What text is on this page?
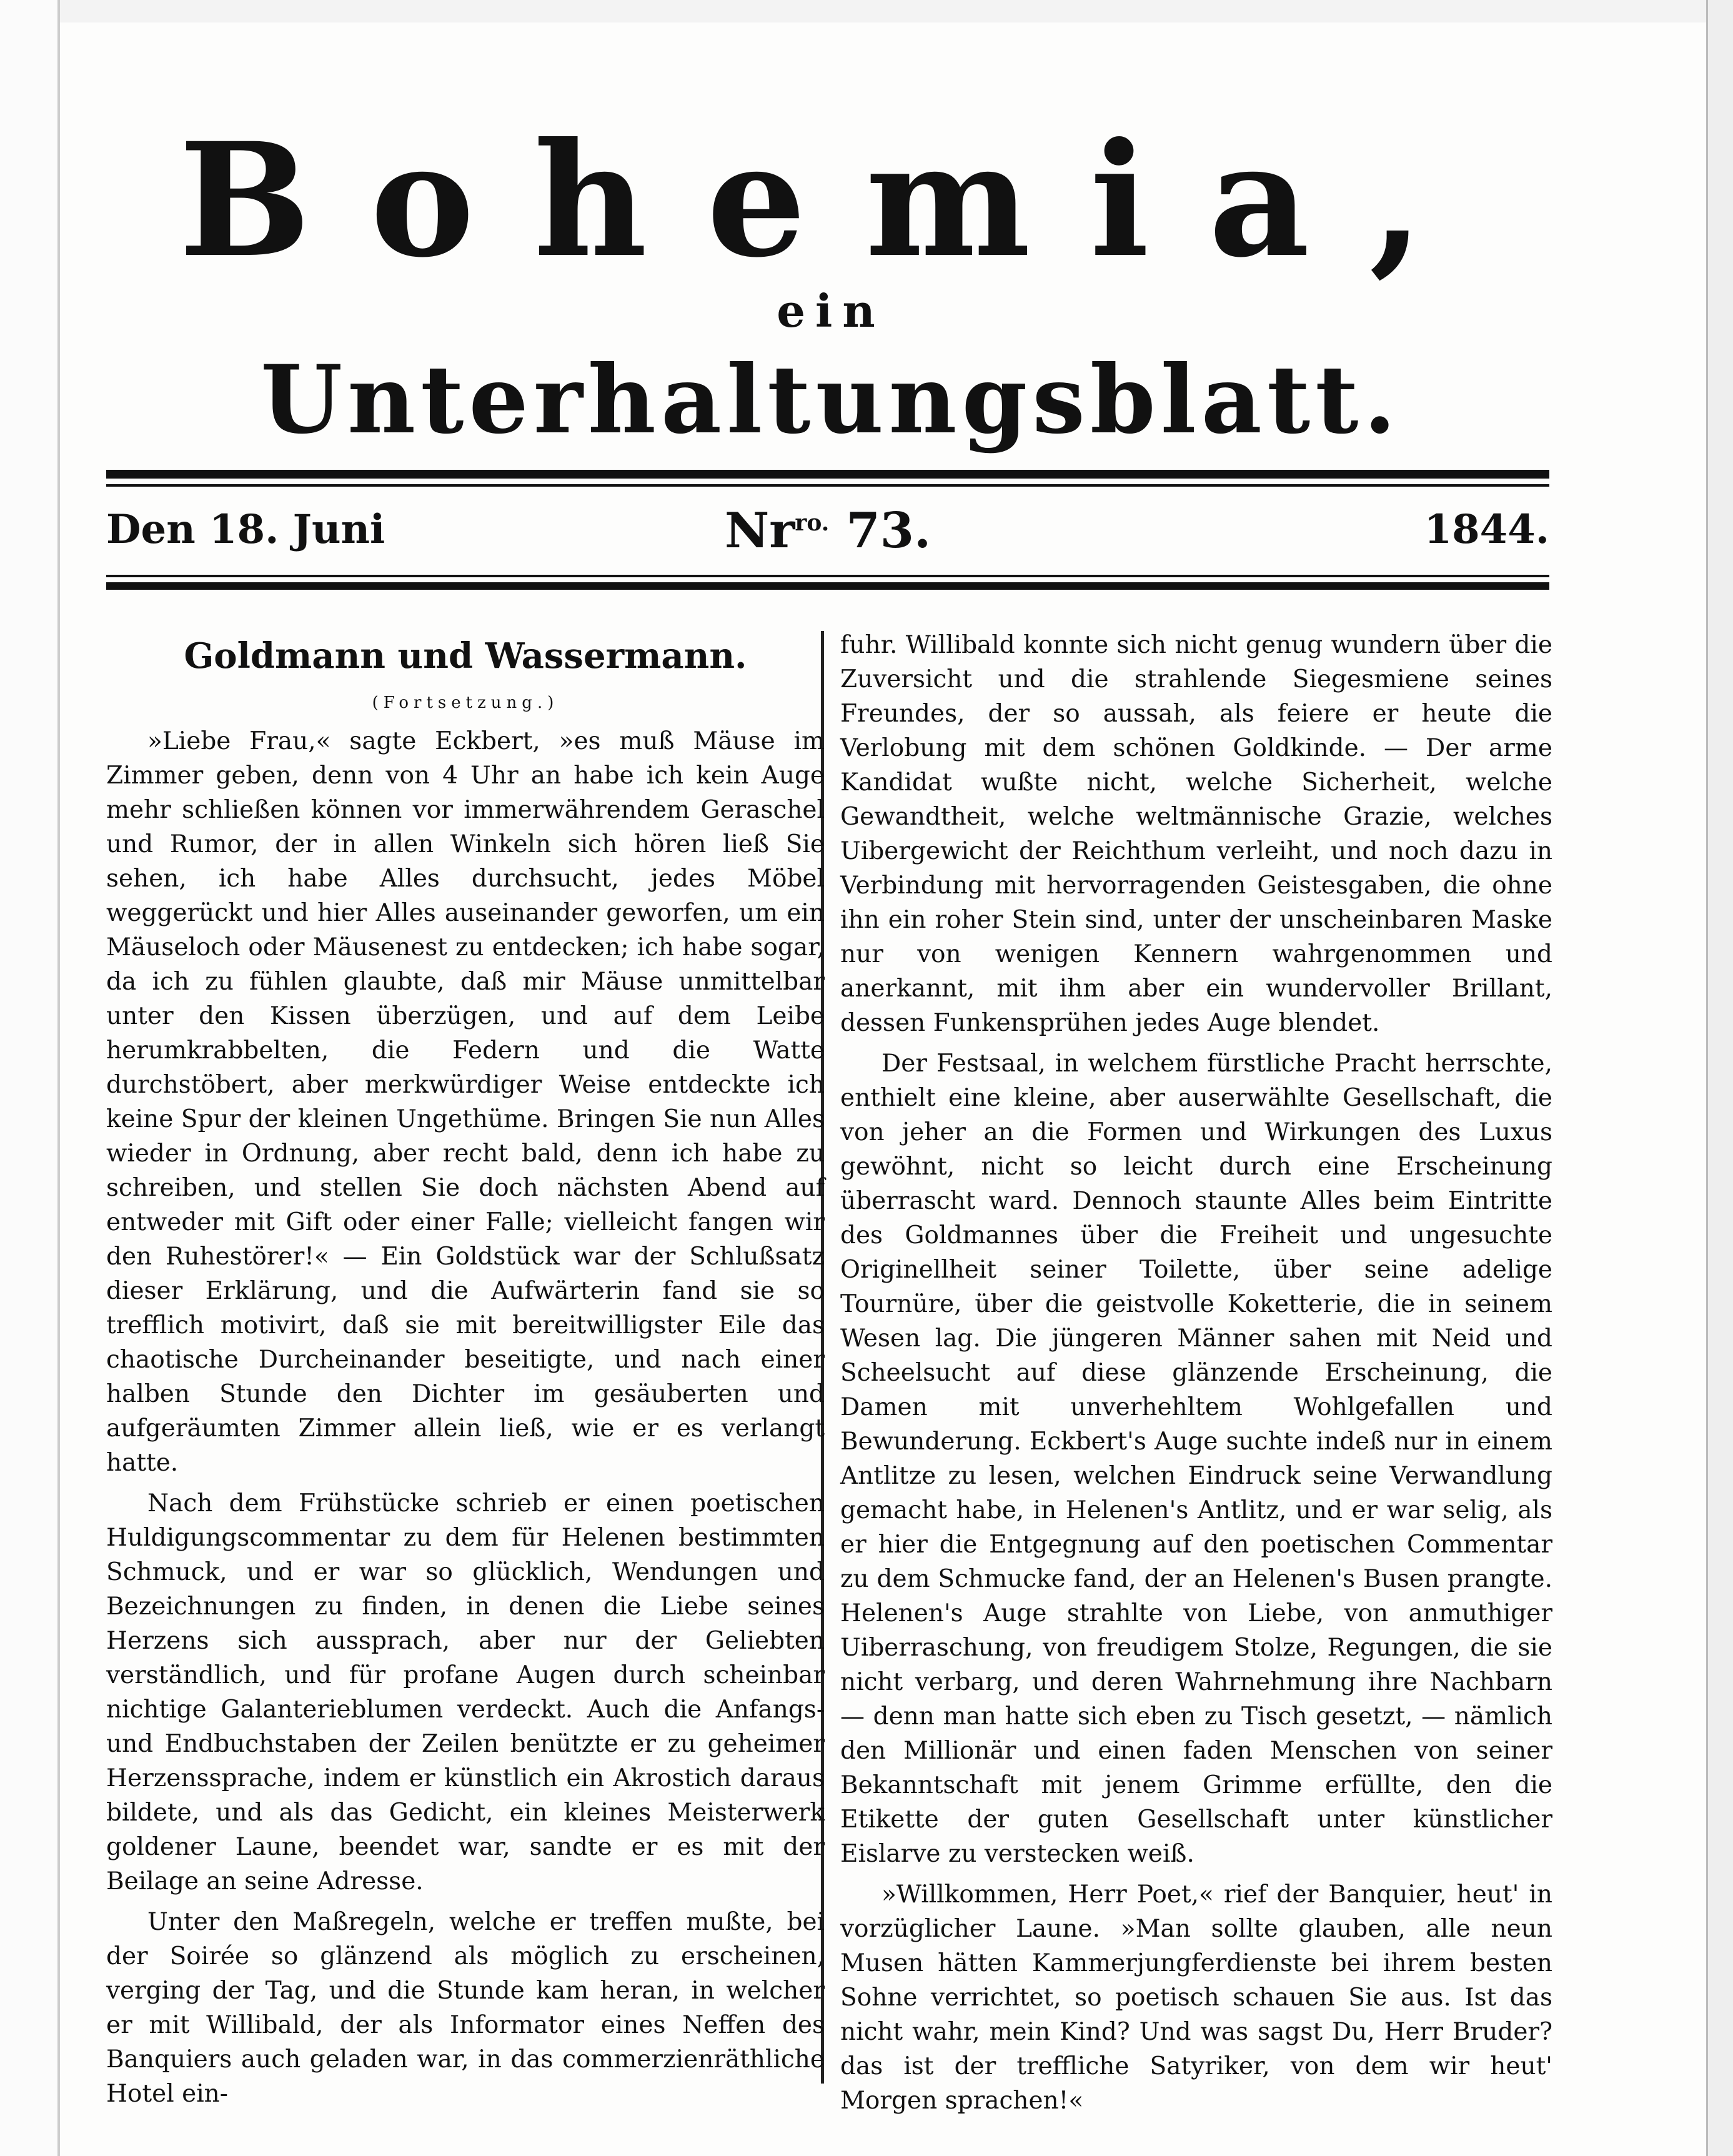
Bohemia,
ein
Unterhaltungsblatt.
Den 18. Juni	$Nr^{ro.}$ 73.	1844.
Goldmann und Wassermann.
(Fortsetzung.)

»Liebe Frau,« sagte Eckbert, »es muß Mäuse im Zimmer geben, denn von 4 Uhr an habe ich kein Auge mehr schließen können vor immerwährendem Geraschel und Rumor, der in allen Winkeln sich hören ließ Sie sehen, ich habe Alles durchsucht, jedes Möbel weggerückt und hier Alles auseinander geworfen, um ein Mäuseloch oder Mäusenest zu entdecken; ich habe sogar, da ich zu fühlen glaubte, daß mir Mäuse unmittelbar unter den Kissen überzügen, und auf dem Leibe herumkrabbelten, die Federn und die Watte durchstöbert, aber merkwürdiger Weise entdeckte ich keine Spur der kleinen Ungethüme. Bringen Sie nun Alles wieder in Ordnung, aber recht bald, denn ich habe zu schreiben, und stellen Sie doch nächsten Abend auf entweder mit Gift oder einer Falle; vielleicht fangen wir den Ruhestörer!« — Ein Goldstück war der Schlußsatz dieser Erklärung, und die Aufwärterin fand sie so trefflich motivirt, daß sie mit bereitwilligster Eile das chaotische Durcheinander beseitigte, und nach einer halben Stunde den Dichter im gesäuberten und aufgeräumten Zimmer allein ließ, wie er es verlangt hatte.

Nach dem Frühstücke schrieb er einen poetischen Huldigungscommentar zu dem für Helenen bestimmten Schmuck, und er war so glücklich, Wendungen und Bezeichnungen zu finden, in denen die Liebe seines Herzens sich aussprach, aber nur der Geliebten verständlich, und für profane Augen durch scheinbar nichtige Galanterieblumen verdeckt. Auch die Anfangs- und Endbuchstaben der Zeilen benützte er zu geheimer Herzenssprache, indem er künstlich ein Akrostich daraus bildete, und als das Gedicht, ein kleines Meisterwerk goldener Laune, beendet war, sandte er es mit der Beilage an seine Adresse.

Unter den Maßregeln, welche er treffen mußte, bei der Soirée so glänzend als möglich zu erscheinen, verging der Tag, und die Stunde kam heran, in welcher er mit Willibald, der als Informator eines Neffen des Banquiers auch geladen war, in das commerzienräthliche Hotel ein-

fuhr. Willibald konnte sich nicht genug wundern über die Zuversicht und die strahlende Siegesmiene seines Freundes, der so aussah, als feiere er heute die Verlobung mit dem schönen Goldkinde. — Der arme Kandidat wußte nicht, welche Sicherheit, welche Gewandtheit, welche weltmännische Grazie, welches Uibergewicht der Reichthum verleiht, und noch dazu in Verbindung mit hervorragenden Geistesgaben, die ohne ihn ein roher Stein sind, unter der unscheinbaren Maske nur von wenigen Kennern wahrgenommen und anerkannt, mit ihm aber ein wundervoller Brillant, dessen Funkensprühen jedes Auge blendet.

Der Festsaal, in welchem fürstliche Pracht herrschte, enthielt eine kleine, aber auserwählte Gesellschaft, die von jeher an die Formen und Wirkungen des Luxus gewöhnt, nicht so leicht durch eine Erscheinung überrascht ward. Dennoch staunte Alles beim Eintritte des Goldmannes über die Freiheit und ungesuchte Originellheit seiner Toilette, über seine adelige Tournüre, über die geistvolle Koketterie, die in seinem Wesen lag. Die jüngeren Männer sahen mit Neid und Scheelsucht auf diese glänzende Erscheinung, die Damen mit unverhehltem Wohlgefallen und Bewunderung. Eckbert's Auge suchte indeß nur in einem Antlitze zu lesen, welchen Eindruck seine Verwandlung gemacht habe, in Helenen's Antlitz, und er war selig, als er hier die Entgegnung auf den poetischen Commentar zu dem Schmucke fand, der an Helenen's Busen prangte. Helenen's Auge strahlte von Liebe, von anmuthiger Uiberraschung, von freudigem Stolze, Regungen, die sie nicht verbarg, und deren Wahrnehmung ihre Nachbarn — denn man hatte sich eben zu Tisch gesetzt, — nämlich den Millionär und einen faden Menschen von seiner Bekanntschaft mit jenem Grimme erfüllte, den die Etikette der guten Gesellschaft unter künstlicher Eislarve zu verstecken weiß.

»Willkommen, Herr Poet,« rief der Banquier, heut' in vorzüglicher Laune. »Man sollte glauben, alle neun Musen hätten Kammerjungferdienste bei ihrem besten Sohne verrichtet, so poetisch schauen Sie aus. Ist das nicht wahr, mein Kind? Und was sagst Du, Herr Bruder? das ist der treffliche Satyriker, von dem wir heut' Morgen sprachen!«
